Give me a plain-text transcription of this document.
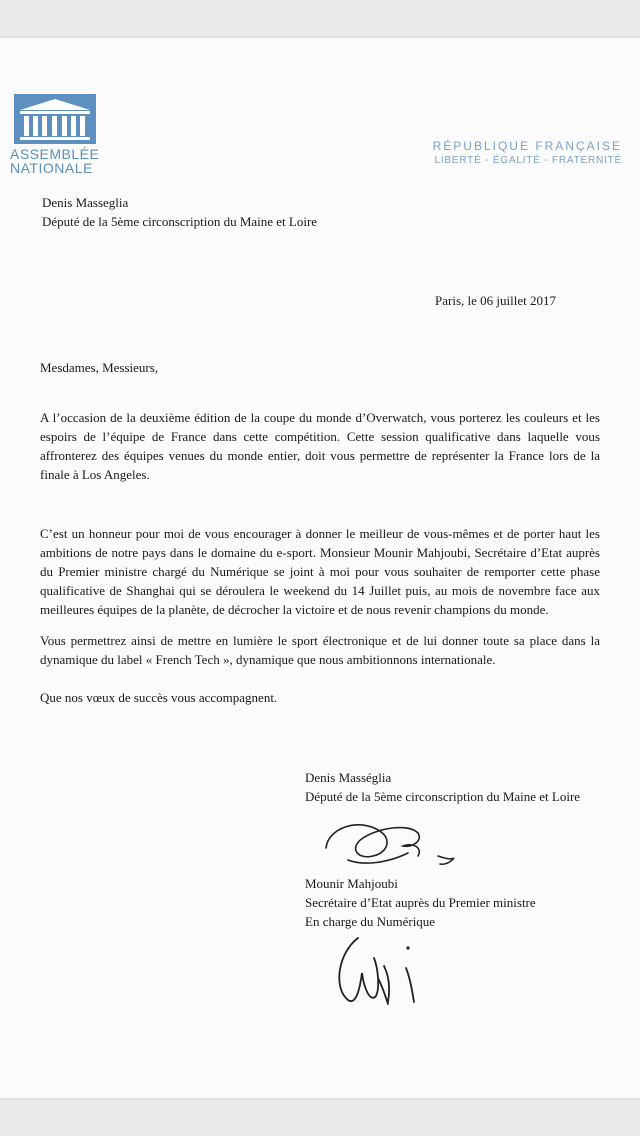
ASSEMBLÉE
NATIONALE
RÉPUBLIQUE FRANÇAISE
LIBERTÉ - ÉGALITÉ - FRATERNITÉ
Denis Masseglia
Député de la 5ème circonscription du Maine et Loire
Paris, le 06 juillet 2017
Mesdames, Messieurs,
A l’occasion de la deuxième édition de la coupe du monde d’Overwatch, vous porterez les couleurs et les espoirs de l’équipe de France dans cette compétition. Cette session qualificative dans laquelle vous affronterez des équipes venues du monde entier, doit vous permettre de représenter la France lors de la finale à Los Angeles.
C’est un honneur pour moi de vous encourager à donner le meilleur de vous-mêmes et de porter haut les ambitions de notre pays dans le domaine du e-sport. Monsieur Mounir Mahjoubi, Secrétaire d’Etat auprès du Premier ministre chargé du Numérique se joint à moi pour vous souhaiter de remporter cette phase qualificative de Shanghai qui se déroulera le weekend du 14 Juillet puis, au mois de novembre face aux meilleures équipes de la planète, de décrocher la victoire et de nous revenir champions du monde.
Vous permettrez ainsi de mettre en lumière le sport électronique et de lui donner toute sa place dans la dynamique du label « French Tech », dynamique que nous ambitionnons internationale.
Que nos vœux de succès vous accompagnent.
Denis Masséglia
Député de la 5ème circonscription du Maine et Loire
Mounir Mahjoubi
Secrétaire d’Etat auprès du Premier ministre
En charge du Numérique
